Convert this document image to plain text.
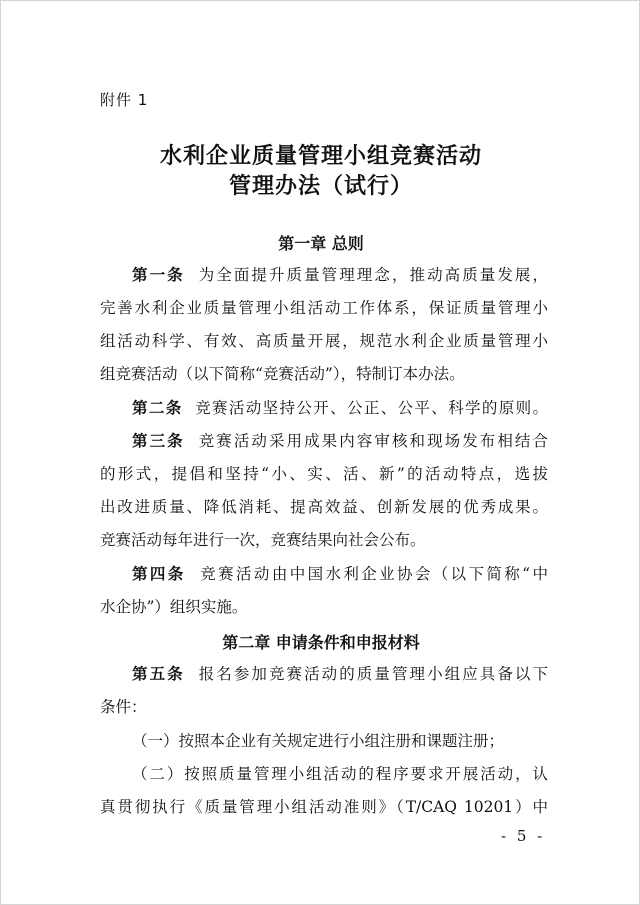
附件 1
水利企业质量管理小组竞赛活动
管理办法（试行）
第一章 总则
第一条 为全面提升质量管理理念，推动高质量发展，
完善水利企业质量管理小组活动工作体系，保证质量管理小
组活动科学、有效、高质量开展，规范水利企业质量管理小
组竞赛活动（以下简称“竞赛活动”），特制订本办法。
第二条 竞赛活动坚持公开、公正、公平、科学的原则。
第三条 竞赛活动采用成果内容审核和现场发布相结合
的形式，提倡和坚持“小、实、活、新”的活动特点，选拔
出改进质量、降低消耗、提高效益、创新发展的优秀成果。
竞赛活动每年进行一次，竞赛结果向社会公布。
第四条 竞赛活动由中国水利企业协会（以下简称“中
水企协”）组织实施。
第二章 申请条件和申报材料
第五条 报名参加竞赛活动的质量管理小组应具备以下
条件：
（一）按照本企业有关规定进行小组注册和课题注册；
（二）按照质量管理小组活动的程序要求开展活动，认
真贯彻执行《质量管理小组活动准则》（T/CAQ 10201）中
- 5 -
